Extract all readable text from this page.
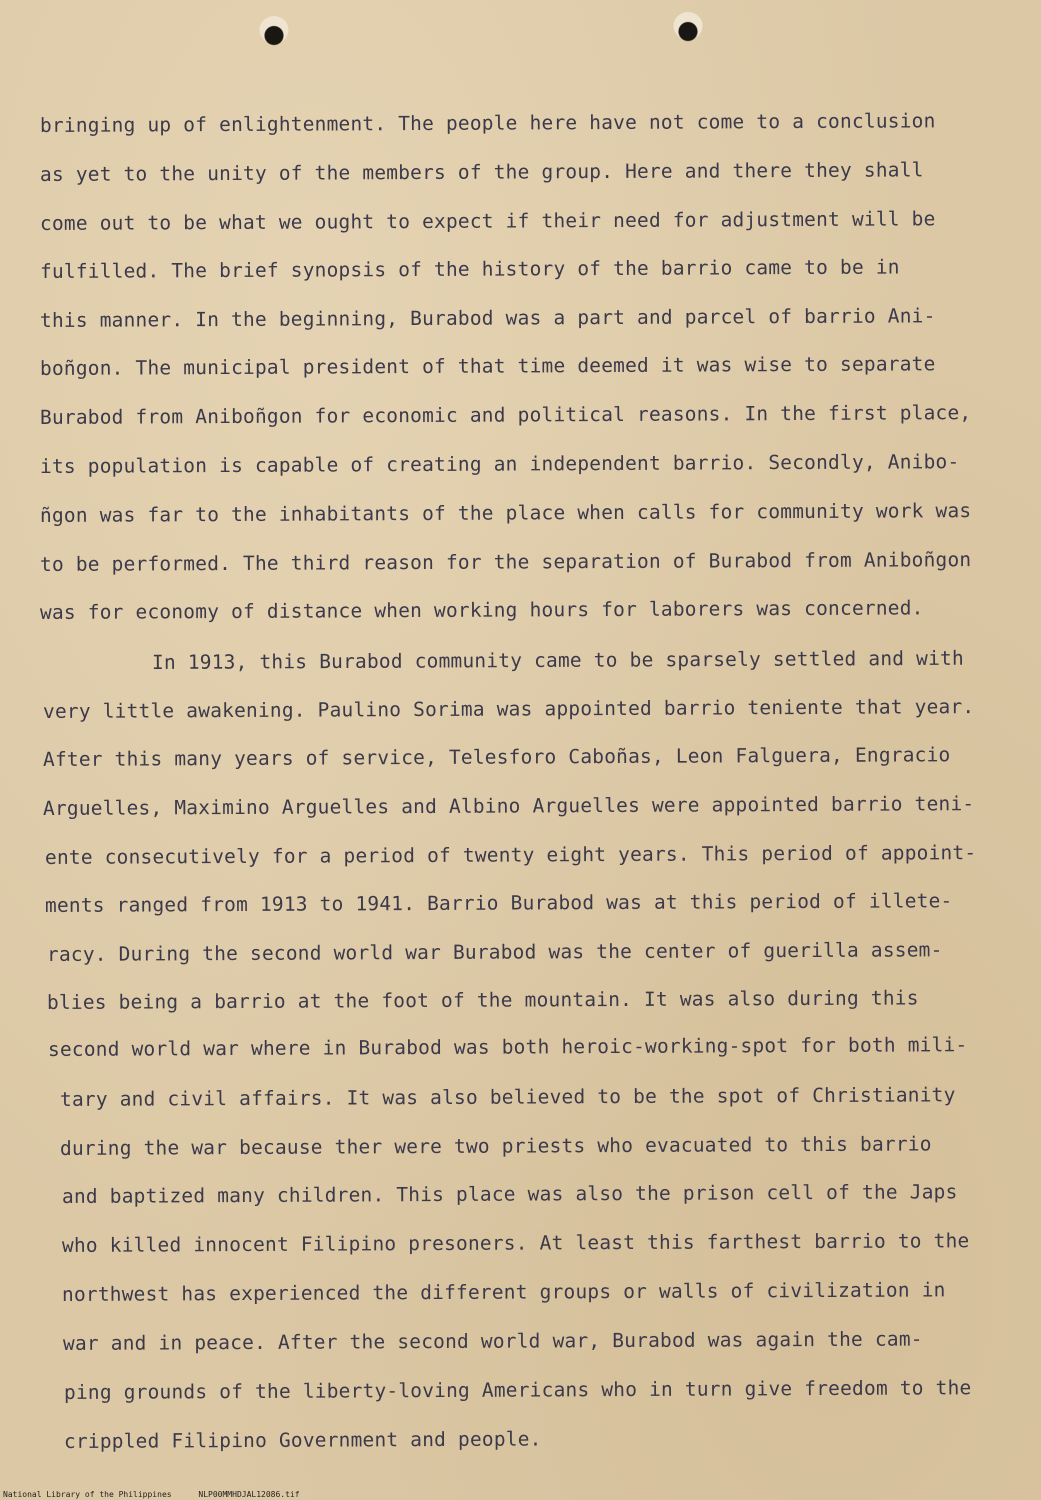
bringing up of enlightenment. The people here have not come to a conclusion
as yet to the unity of the members of the group. Here and there they shall
come out to be what we ought to expect if their need for adjustment will be
fulfilled. The brief synopsis of the history of the barrio came to be in
this manner. In the beginning, Burabod was a part and parcel of barrio Ani-
boñgon. The municipal president of that time deemed it was wise to separate
Burabod from Aniboñgon for economic and political reasons. In the first place,
its population is capable of creating an independent barrio. Secondly, Anibo-
ñgon was far to the inhabitants of the place when calls for community work was
to be performed. The third reason for the separation of Burabod from Aniboñgon
was for economy of distance when working hours for laborers was concerned.
In 1913, this Burabod community came to be sparsely settled and with
very little awakening. Paulino Sorima was appointed barrio teniente that year.
After this many years of service, Telesforo Caboñas, Leon Falguera, Engracio
Arguelles, Maximino Arguelles and Albino Arguelles were appointed barrio teni-
ente consecutively for a period of twenty eight years. This period of appoint-
ments ranged from 1913 to 1941. Barrio Burabod was at this period of illete-
racy. During the second world war Burabod was the center of guerilla assem-
blies being a barrio at the foot of the mountain. It was also during this
second world war where in Burabod was both heroic-working-spot for both mili-
tary and civil affairs. It was also believed to be the spot of Christianity
during the war because ther were two priests who evacuated to this barrio
and baptized many children. This place was also the prison cell of the Japs
who killed innocent Filipino presoners. At least this farthest barrio to the
northwest has experienced the different groups or walls of civilization in
war and in peace. After the second world war, Burabod was again the cam-
ping grounds of the liberty-loving Americans who in turn give freedom to the
crippled Filipino Government and people.
National Library of the Philippines	NLP00MMHDJAL12086.tif
